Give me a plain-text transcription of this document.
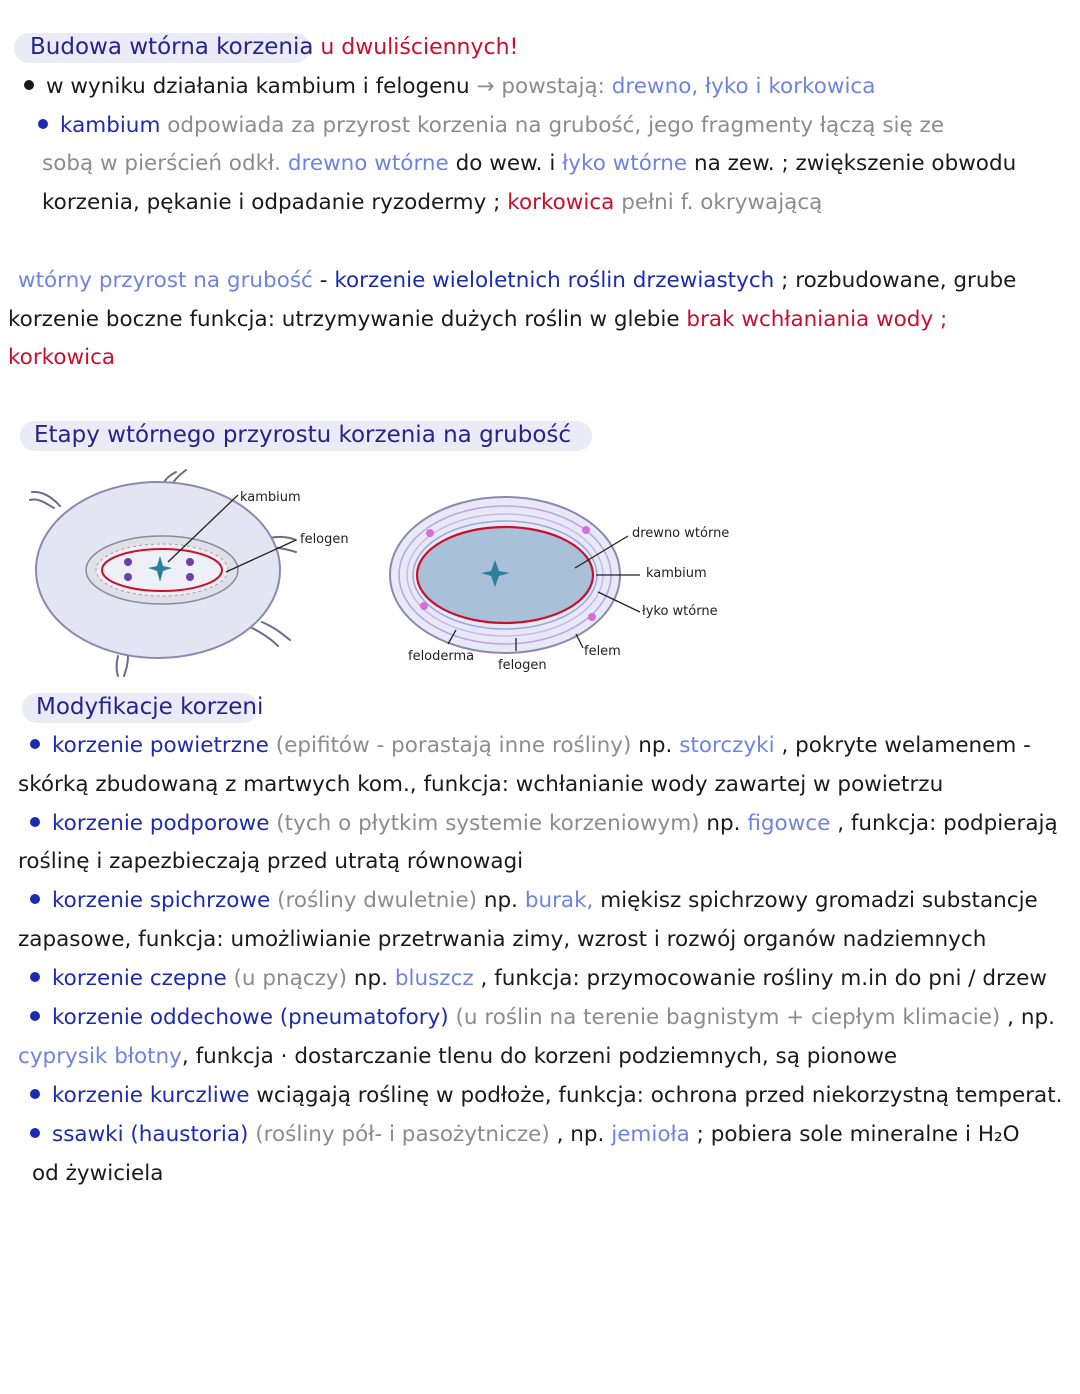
Budowa wtórna korzenia u dwuliściennych!
w wyniku działania kambium i felogenu → powstają: drewno, łyko i korkowica
kambium odpowiada za przyrost korzenia na grubość, jego fragmenty łączą się ze
sobą w pierścień odkł. drewno wtórne do wew. i łyko wtórne na zew. ; zwiększenie obwodu
korzenia, pękanie i odpadanie ryzodermy ; korkowica pełni f. okrywającą
wtórny przyrost na grubość - korzenie wieloletnich roślin drzewiastych ; rozbudowane, grube
korzenie boczne funkcja: utrzymywanie dużych roślin w glebie brak wchłaniania wody ;
korkowica
Etapy wtórnego przyrostu korzenia na grubość
kambium
felogen	drewno wtórne
kambium
łyko wtórne
feloderma
felogen
felem
Modyfikacje korzeni
korzenie powietrzne (epifitów - porastają inne rośliny) np. storczyki , pokryte welamenem -
skórką zbudowaną z martwych kom., funkcja: wchłanianie wody zawartej w powietrzu
korzenie podporowe (tych o płytkim systemie korzeniowym) np. figowce , funkcja: podpierają
roślinę i zapezbieczają przed utratą równowagi
korzenie spichrzowe (rośliny dwuletnie) np. burak, miękisz spichrzowy gromadzi substancje
zapasowe, funkcja: umożliwianie przetrwania zimy, wzrost i rozwój organów nadziemnych
korzenie czepne (u pnączy) np. bluszcz , funkcja: przymocowanie rośliny m.in do pni / drzew
korzenie oddechowe (pneumatofory) (u roślin na terenie bagnistym + ciepłym klimacie) , np.
cyprysik błotny, funkcja · dostarczanie tlenu do korzeni podziemnych, są pionowe
korzenie kurczliwe wciągają roślinę w podłoże, funkcja: ochrona przed niekorzystną temperat.
ssawki (haustoria) (rośliny pół- i pasożytnicze) , np. jemioła ; pobiera sole mineralne i H₂O
od żywiciela
